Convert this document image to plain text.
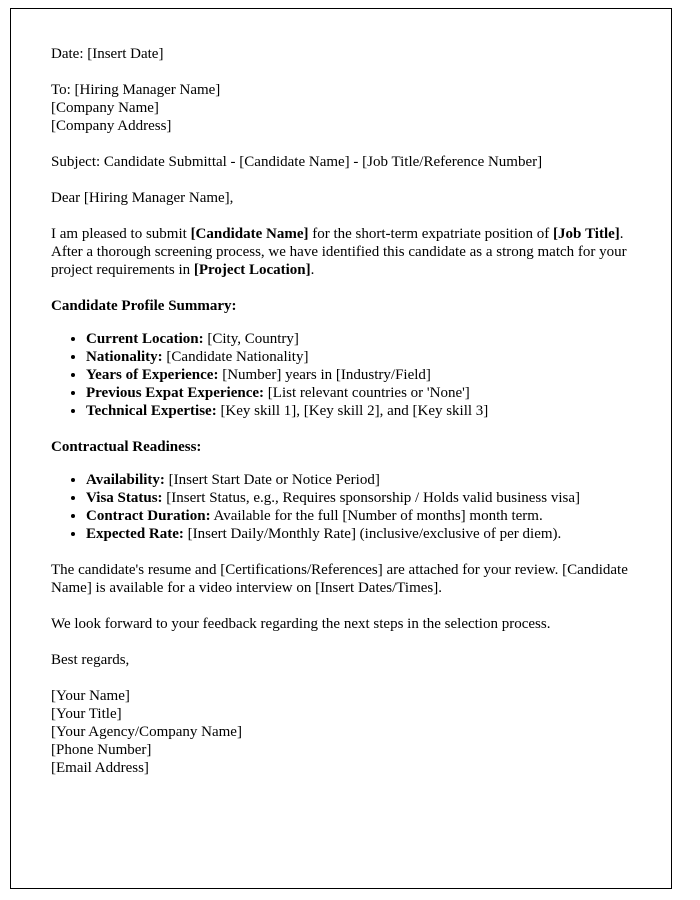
Date: [Insert Date]
To: [Hiring Manager Name]
[Company Name]
[Company Address]
Subject: Candidate Submittal - [Candidate Name] - [Job Title/Reference Number]
Dear [Hiring Manager Name],
I am pleased to submit [Candidate Name] for the short-term expatriate position of [Job Title]. After a thorough screening process, we have identified this candidate as a strong match for your project requirements in [Project Location].
Candidate Profile Summary:
• Current Location: [City, Country]
• Nationality: [Candidate Nationality]
• Years of Experience: [Number] years in [Industry/Field]
• Previous Expat Experience: [List relevant countries or 'None']
• Technical Expertise: [Key skill 1], [Key skill 2], and [Key skill 3]
Contractual Readiness:
• Availability: [Insert Start Date or Notice Period]
• Visa Status: [Insert Status, e.g., Requires sponsorship / Holds valid business visa]
• Contract Duration: Available for the full [Number of months] month term.
• Expected Rate: [Insert Daily/Monthly Rate] (inclusive/exclusive of per diem).
The candidate's resume and [Certifications/References] are attached for your review. [Candidate Name] is available for a video interview on [Insert Dates/Times].
We look forward to your feedback regarding the next steps in the selection process.
Best regards,
[Your Name]
[Your Title]
[Your Agency/Company Name]
[Phone Number]
[Email Address]
